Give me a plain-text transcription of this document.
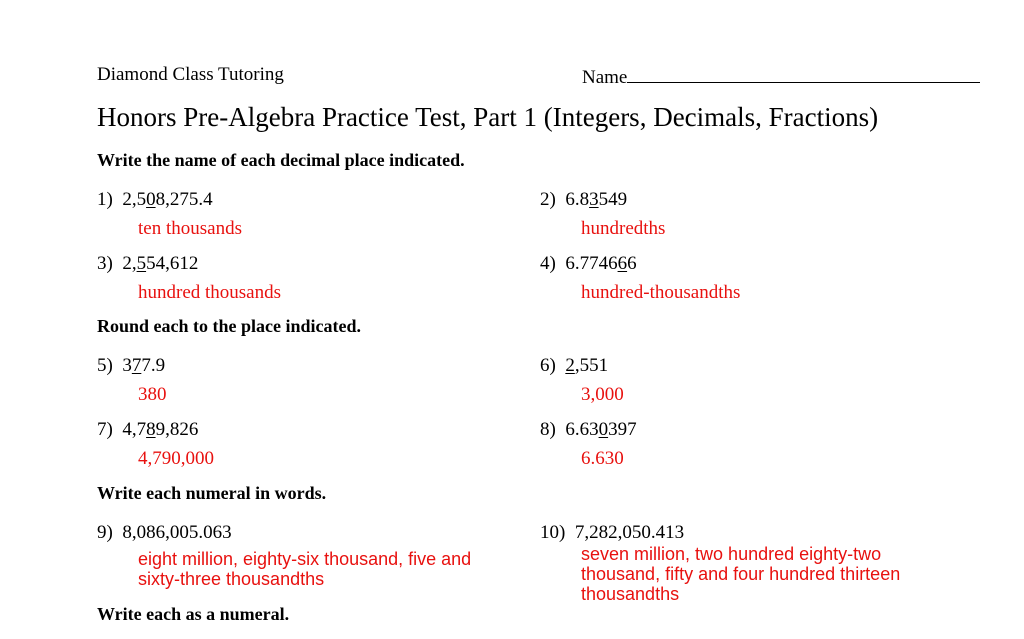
Diamond Class Tutoring	Name
Honors Pre-Algebra Practice Test, Part 1 (Integers, Decimals, Fractions)
Write the name of each decimal place indicated.
1) 2,508,275.4
ten thousands
2) 6.83549
hundredths
3) 2,554,612
hundred thousands
4) 6.774666
hundred-thousandths
Round each to the place indicated.
5) 377.9
380
6) 2,551
3,000
7) 4,789,826
4,790,000
8) 6.630397
6.630
Write each numeral in words.
9) 8,086,005.063
eight million, eighty-six thousand, five and sixty-three thousandths
10) 7,282,050.413
seven million, two hundred eighty-two thousand, fifty and four hundred thirteen thousandths
Write each as a numeral.
